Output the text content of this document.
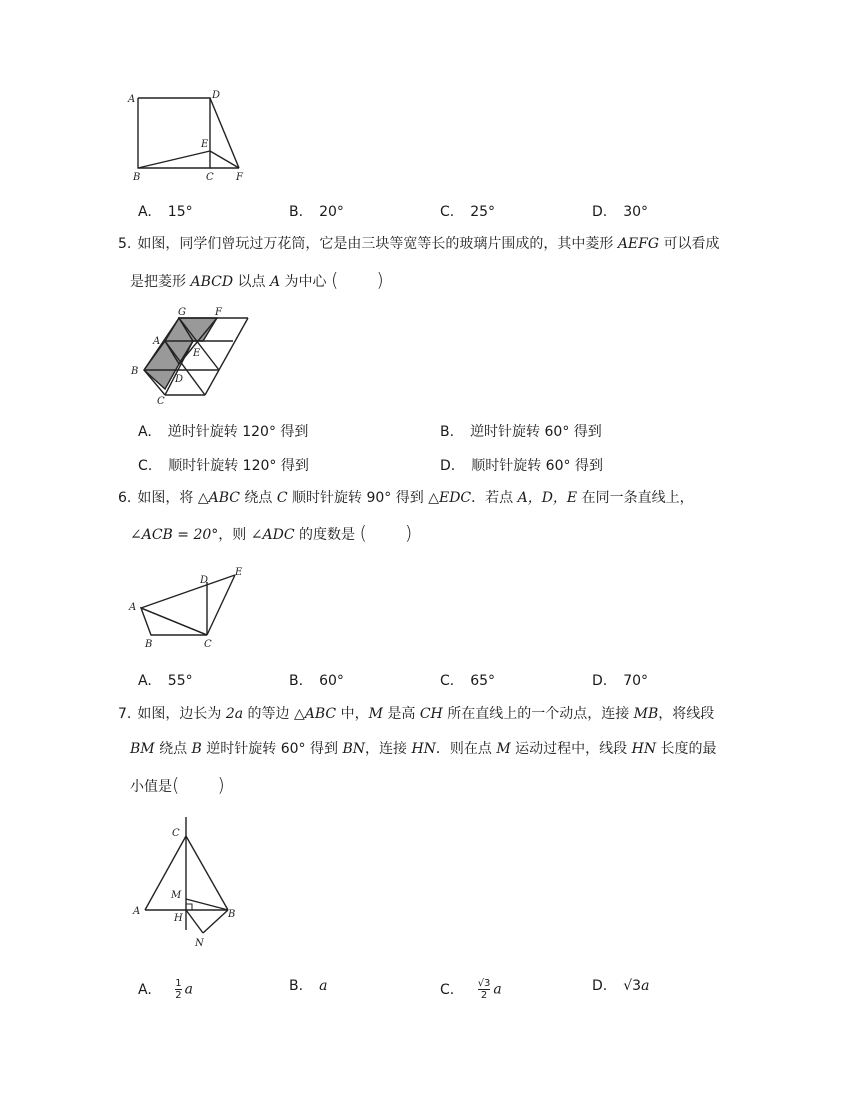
A	D
E
B	C F
A. 15°	B. 20°	C. 25°	D. 30°
5. 如图，同学们曾玩过万花筒，它是由三块等宽等长的玻璃片围成的，其中菱形 AEFG 可以看成
是把菱形 ABCD 以点 A 为中心 (　　)
G	F
A
E
B
D
C
A. 逆时针旋转 120° 得到	B. 逆时针旋转 60° 得到
C. 顺时针旋转 120° 得到	D. 顺时针旋转 60° 得到
6. 如图，将 △ABC 绕点 C 顺时针旋转 90° 得到 △EDC．若点 A，D，E 在同一条直线上，
∠ACB = 20°，则 ∠ADC 的度数是 (　　)
A
B	C
D
E
A. 55°	B. 60°	C. 65°	D. 70°
7. 如图，边长为 2a 的等边 △ABC 中，M 是高 CH 所在直线上的一个动点，连接 MB，将线段
BM 绕点 B 逆时针旋转 60° 得到 BN，连接 HN．则在点 M 运动过程中，线段 HN 长度的最
小值是(　　)
C
M
A
H	B
N
A. $\frac{1}{2}$ a	B. a	C. $\frac{√3}{2}$ a	D. √3a
